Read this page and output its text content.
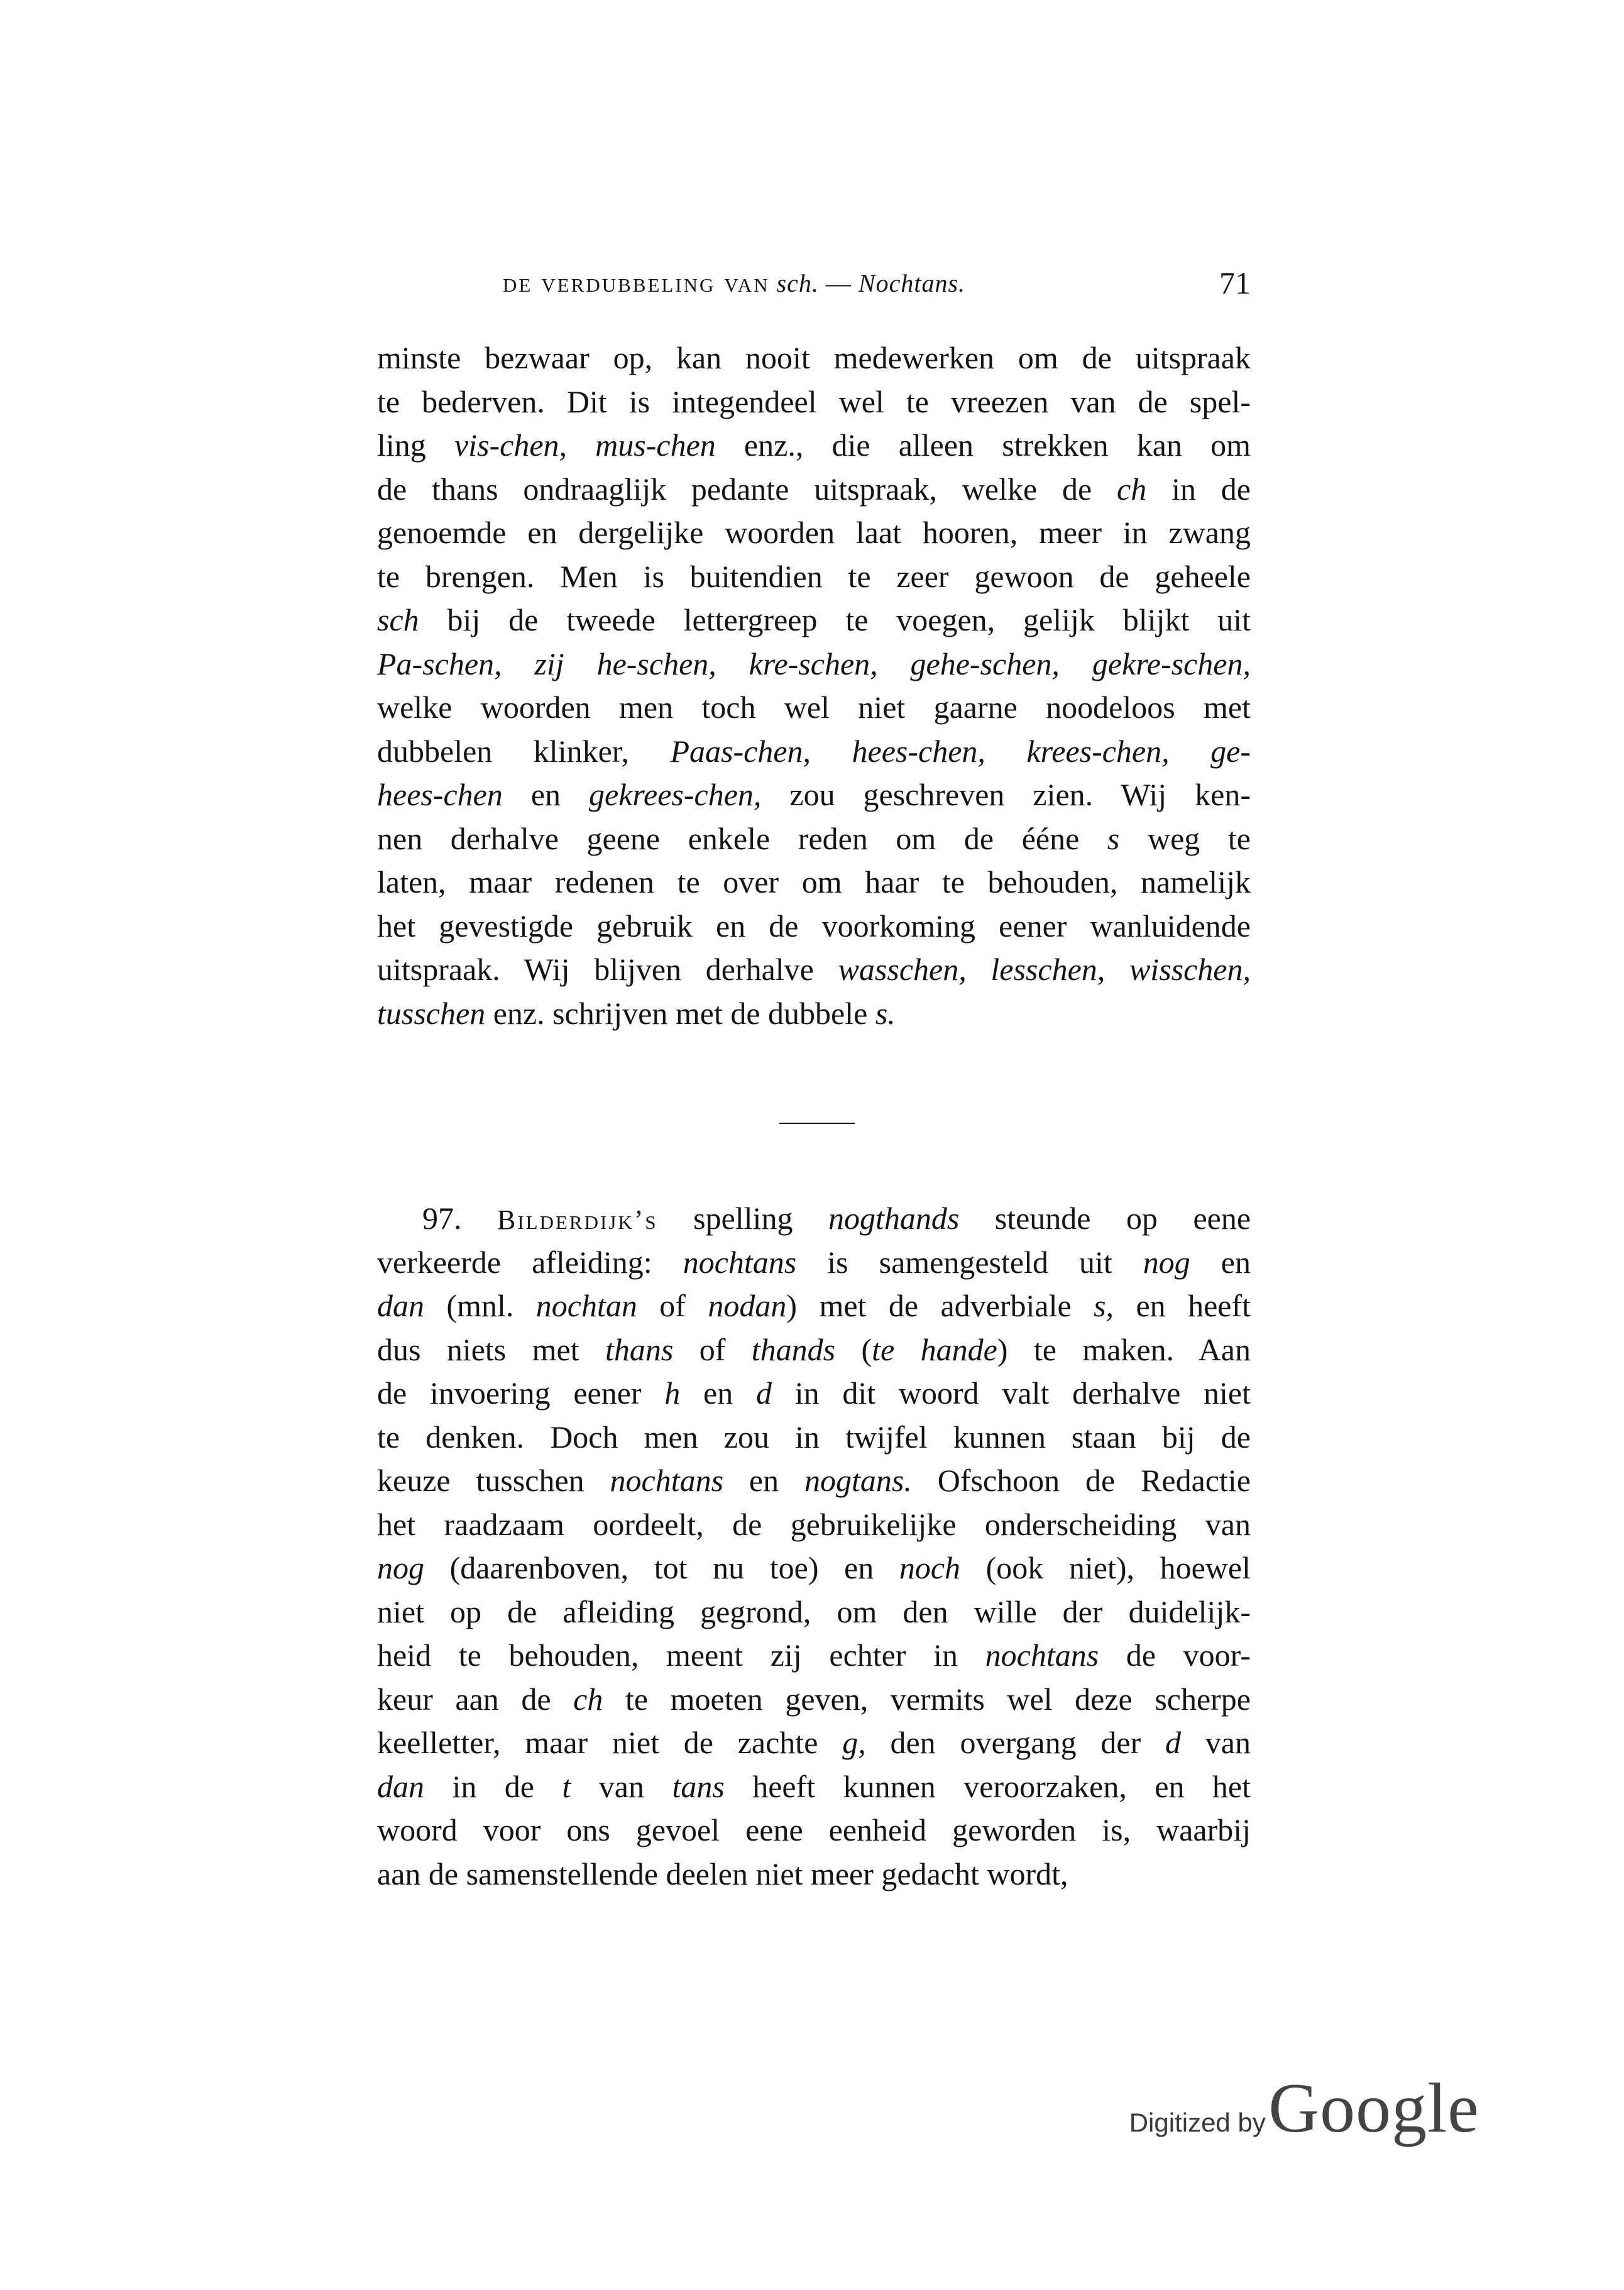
de verdubbeling van sch. — Nochtans.	71
minste bezwaar op, kan nooit medewerken om de uitspraak
te bederven. Dit is integendeel wel te vreezen van de spel-
ling vis-chen, mus-chen enz., die alleen strekken kan om
de thans ondraaglijk pedante uitspraak, welke de ch in de
genoemde en dergelijke woorden laat hooren, meer in zwang
te brengen. Men is buitendien te zeer gewoon de geheele
sch bij de tweede lettergreep te voegen, gelijk blijkt uit
Pa-schen, zij he-schen, kre-schen, gehe-schen, gekre-schen,
welke woorden men toch wel niet gaarne noodeloos met
dubbelen klinker, Paas-chen, hees-chen, krees-chen, ge-
hees-chen en gekrees-chen, zou geschreven zien. Wij ken-
nen derhalve geene enkele reden om de ééne s weg te
laten, maar redenen te over om haar te behouden, namelijk
het gevestigde gebruik en de voorkoming eener wanluidende
uitspraak. Wij blijven derhalve wasschen, lesschen, wisschen,
tusschen enz. schrijven met de dubbele s.
97. Bilderdijk’s spelling nogthands steunde op eene
verkeerde afleiding: nochtans is samengesteld uit nog en
dan (mnl. nochtan of nodan) met de adverbiale s, en heeft
dus niets met thans of thands (te hande) te maken. Aan
de invoering eener h en d in dit woord valt derhalve niet
te denken. Doch men zou in twijfel kunnen staan bij de
keuze tusschen nochtans en nogtans. Ofschoon de Redactie
het raadzaam oordeelt, de gebruikelijke onderscheiding van
nog (daarenboven, tot nu toe) en noch (ook niet), hoewel
niet op de afleiding gegrond, om den wille der duidelijk-
heid te behouden, meent zij echter in nochtans de voor-
keur aan de ch te moeten geven, vermits wel deze scherpe
keelletter, maar niet de zachte g, den overgang der d van
dan in de t van tans heeft kunnen veroorzaken, en het
woord voor ons gevoel eene eenheid geworden is, waarbij
aan de samenstellende deelen niet meer gedacht wordt,
Digitized by Google
